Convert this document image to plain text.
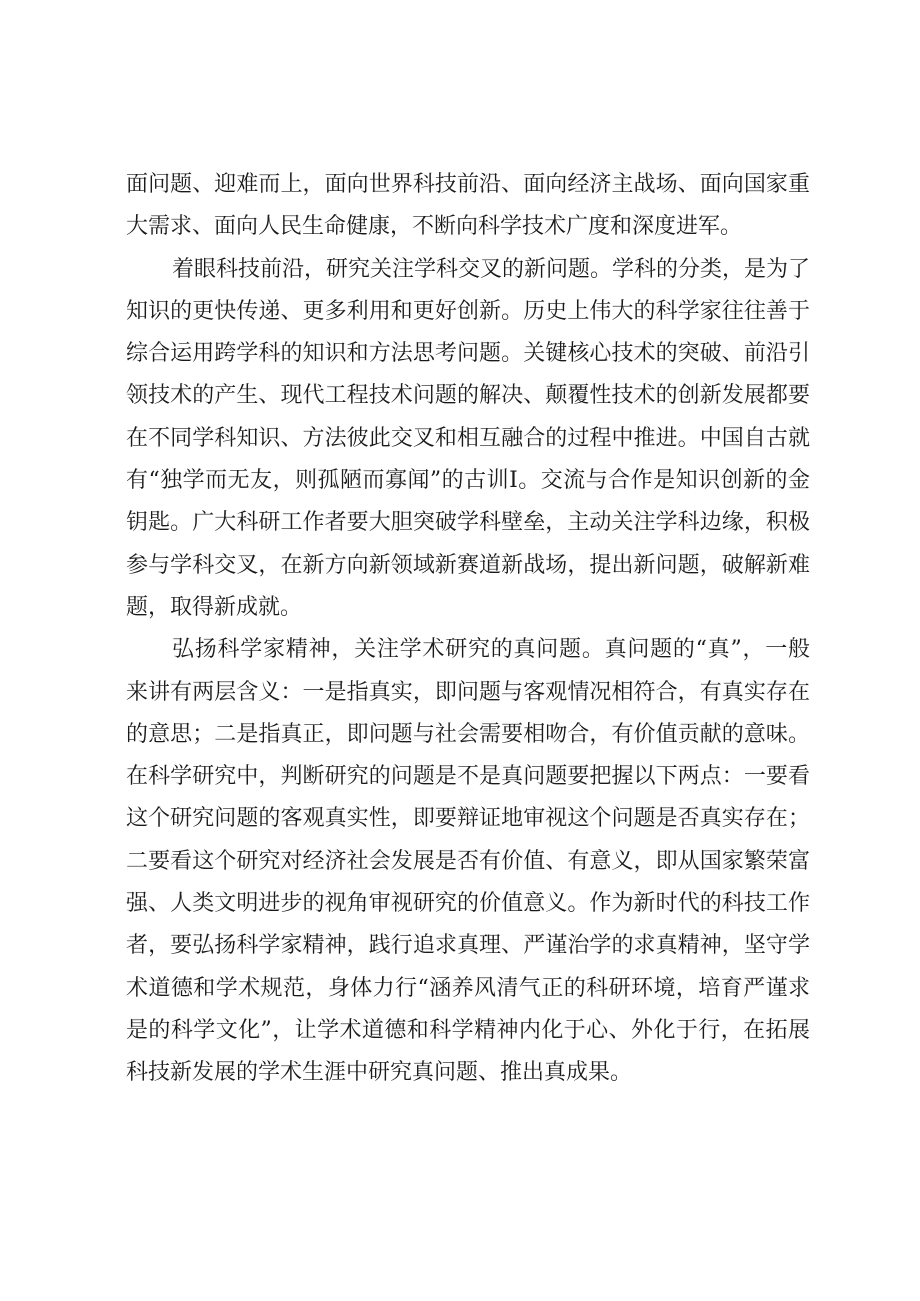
面问题、迎难而上，面向世界科技前沿、面向经济主战场、面向国家重大需求、面向人民生命健康，不断向科学技术广度和深度进军。

着眼科技前沿，研究关注学科交叉的新问题。学科的分类，是为了知识的更快传递、更多利用和更好创新。历史上伟大的科学家往往善于综合运用跨学科的知识和方法思考问题。关键核心技术的突破、前沿引领技术的产生、现代工程技术问题的解决、颠覆性技术的创新发展都要在不同学科知识、方法彼此交叉和相互融合的过程中推进。中国自古就有“独学而无友，则孤陋而寡闻”的古训I。交流与合作是知识创新的金钥匙。广大科研工作者要大胆突破学科壁垒，主动关注学科边缘，积极参与学科交叉，在新方向新领域新赛道新战场，提出新问题，破解新难题，取得新成就。

弘扬科学家精神，关注学术研究的真问题。真问题的“真”，一般来讲有两层含义：一是指真实，即问题与客观情况相符合，有真实存在的意思；二是指真正，即问题与社会需要相吻合，有价值贡献的意味。在科学研究中，判断研究的问题是不是真问题要把握以下两点：一要看这个研究问题的客观真实性，即要辩证地审视这个问题是否真实存在；二要看这个研究对经济社会发展是否有价值、有意义，即从国家繁荣富强、人类文明进步的视角审视研究的价值意义。作为新时代的科技工作者，要弘扬科学家精神，践行追求真理、严谨治学的求真精神，坚守学术道德和学术规范，身体力行“涵养风清气正的科研环境，培育严谨求是的科学文化”，让学术道德和科学精神内化于心、外化于行，在拓展科技新发展的学术生涯中研究真问题、推出真成果。
